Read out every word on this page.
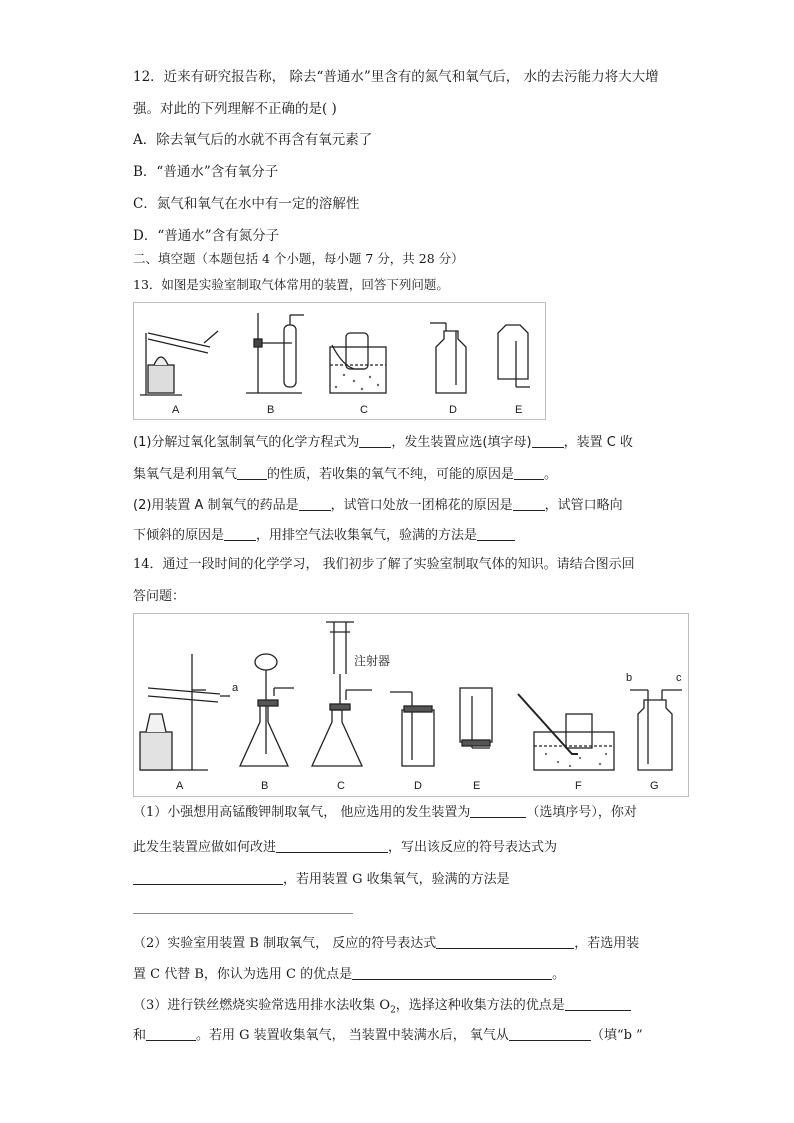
12．近来有研究报告称， 除去“普通水”里含有的氮气和氧气后， 水的去污能力将大大增
强。对此的下列理解不正确的是( )
A．除去氧气后的水就不再含有氧元素了
B．“普通水”含有氧分子
C．氮气和氧气在水中有一定的溶解性
D．“普通水”含有氮分子
二、填空题（本题包括 4 个小题，每小题 7 分，共 28 分）
13．如图是实验室制取气体常用的装置，回答下列问题。
A	B	C	D	E
(1)分解过氧化氢制氧气的化学方程式为 ，发生装置应选(填字母) ，装置 C 收
集氧气是利用氧气 的性质，若收集的氧气不纯，可能的原因是 。
(2)用装置 A 制氧气的药品是 ，试管口处放一团棉花的原因是 ，试管口略向
下倾斜的原因是 ，用排空气法收集氧气，验满的方法是
14．通过一段时间的化学学习， 我们初步了解了实验室制取气体的知识。请结合图示回
答问题：
a
注射器
b	c
A	B	C	D	E	F	G
（1）小强想用高锰酸钾制取氧气， 他应选用的发生装置为	（选填序号），你对
此发生装置应做如何改进	，写出该反应的符号表达式为
，若用装置 G 收集氧气，验满的方法是
（2）实验室用装置 B 制取氧气， 反应的符号表达式	，若选用装
置 C 代替 B，你认为选用 C 的优点是	。
（3）进行铁丝燃烧实验常选用排水法收集 $O_2$，选择这种收集方法的优点是
和	。若用 G 装置收集氧气， 当装置中装满水后， 氧气从	（填“b ”
